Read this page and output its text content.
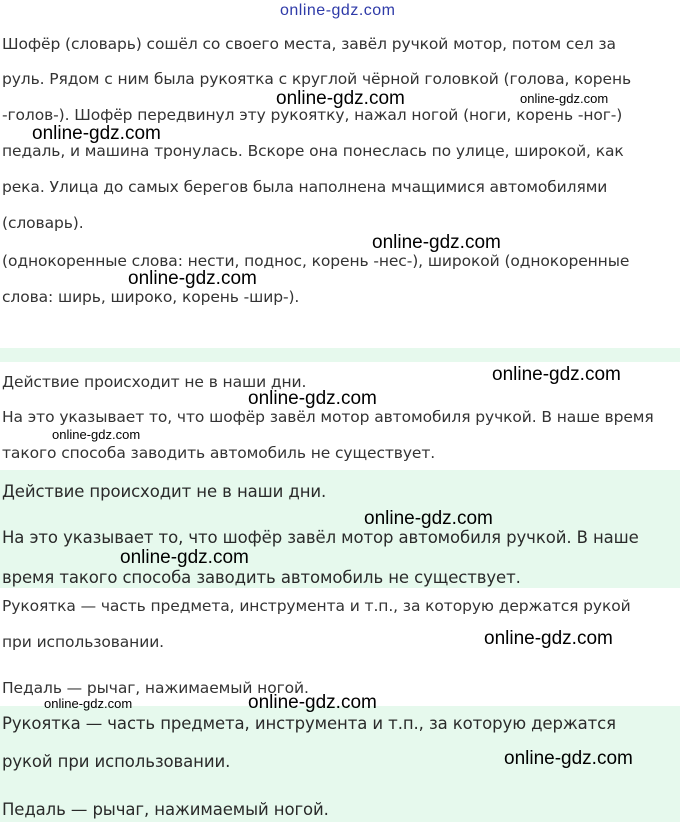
online-gdz.com
Шофёр (словарь) сошёл со своего места, завёл ручкой мотор, потом сел за
руль. Рядом с ним была рукоятка с круглой чёрной головкой (голова, корень
-голов-). Шофёр передвинул эту рукоятку, нажал ногой (ноги, корень -ног-)
педаль, и машина тронулась. Вскоре она понеслась по улице, широкой, как
река. Улица до самых берегов была наполнена мчащимися автомобилями
(словарь).
(однокоренные слова: нести, поднос, корень -нес-), широкой (однокоренные
слова: ширь, широко, корень -шир-).
Действие происходит не в наши дни.
На это указывает то, что шофёр завёл мотор автомобиля ручкой. В наше время
такого способа заводить автомобиль не существует.
Действие происходит не в наши дни.
На это указывает то, что шофёр завёл мотор автомобиля ручкой. В наше
время такого способа заводить автомобиль не существует.
Рукоятка — часть предмета, инструмента и т.п., за которую держатся рукой
при использовании.
Педаль — рычаг, нажимаемый ногой.
Рукоятка — часть предмета, инструмента и т.п., за которую держатся
рукой при использовании.
Педаль — рычаг, нажимаемый ногой.
online-gdz.com	online-gdz.com
online-gdz.com
online-gdz.com
online-gdz.com
online-gdz.com
online-gdz.com
online-gdz.com
online-gdz.com
online-gdz.com
online-gdz.com
online-gdz.com
online-gdz.com
online-gdz.com
